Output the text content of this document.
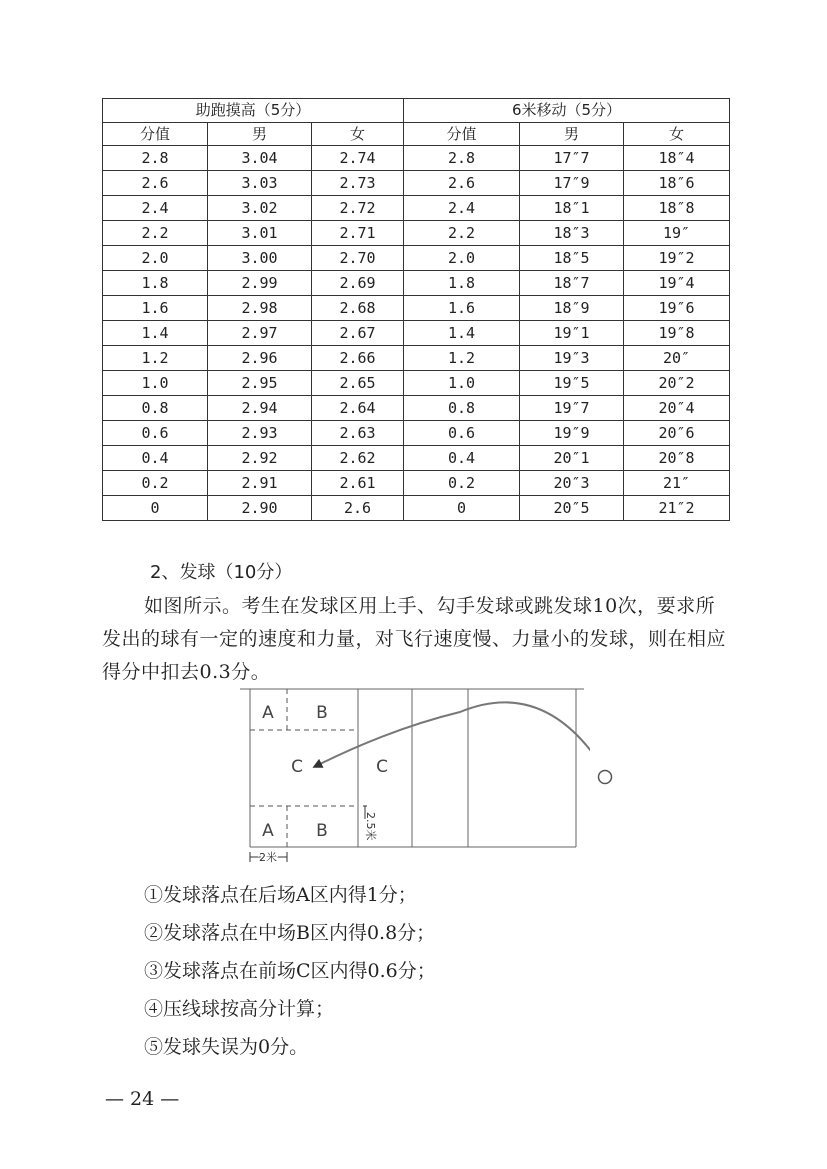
助跑摸高（5分）			6米移动（5分）		
分值	男	女	分值	男	女
2.8	3.04	2.74	2.8	17″7	18″4
2.6	3.03	2.73	2.6	17″9	18″6
2.4	3.02	2.72	2.4	18″1	18″8
2.2	3.01	2.71	2.2	18″3	19″
2.0	3.00	2.70	2.0	18″5	19″2
1.8	2.99	2.69	1.8	18″7	19″4
1.6	2.98	2.68	1.6	18″9	19″6
1.4	2.97	2.67	1.4	19″1	19″8
1.2	2.96	2.66	1.2	19″3	20″
1.0	2.95	2.65	1.0	19″5	20″2
0.8	2.94	2.64	0.8	19″7	20″4
0.6	2.93	2.63	0.6	19″9	20″6
0.4	2.92	2.62	0.4	20″1	20″8
0.2	2.91	2.61	0.2	20″3	21″
0	2.90	2.6	0	20″5	21″2

2、发球（10分）

如图所示。考生在发球区用上手、勾手发球或跳发球10次，要求所发出的球有一定的速度和力量，对飞行速度慢、力量小的发球，则在相应得分中扣去0.3分。

A B
C	C
A B	2.5米
2米
①发球落点在后场A区内得1分；
②发球落点在中场B区内得0.8分；
③发球落点在前场C区内得0.6分；
④压线球按高分计算；
⑤发球失误为0分。
— 24 —
